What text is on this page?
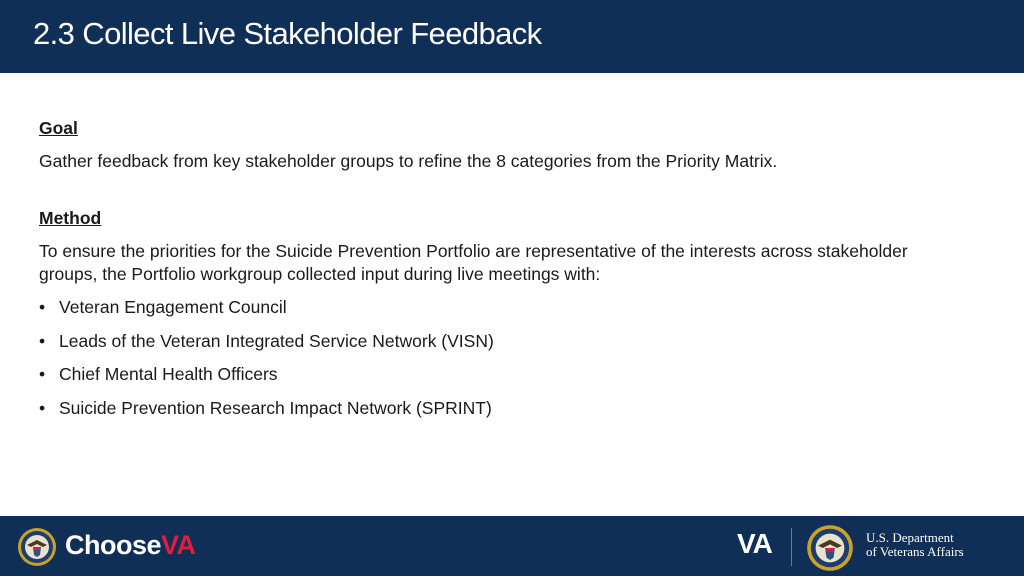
2.3 Collect Live Stakeholder Feedback
Goal

Gather feedback from key stakeholder groups to refine the 8 categories from the Priority Matrix.

Method

To ensure the priorities for the Suicide Prevention Portfolio are representative of the interests across stakeholder groups, the Portfolio workgroup collected input during live meetings with:

• Veteran Engagement Council
• Leads of the Veteran Integrated Service Network (VISN)
• Chief Mental Health Officers
• Suicide Prevention Research Impact Network (SPRINT)
ChooseVA	VA	U.S. Department
of Veterans Affairs
